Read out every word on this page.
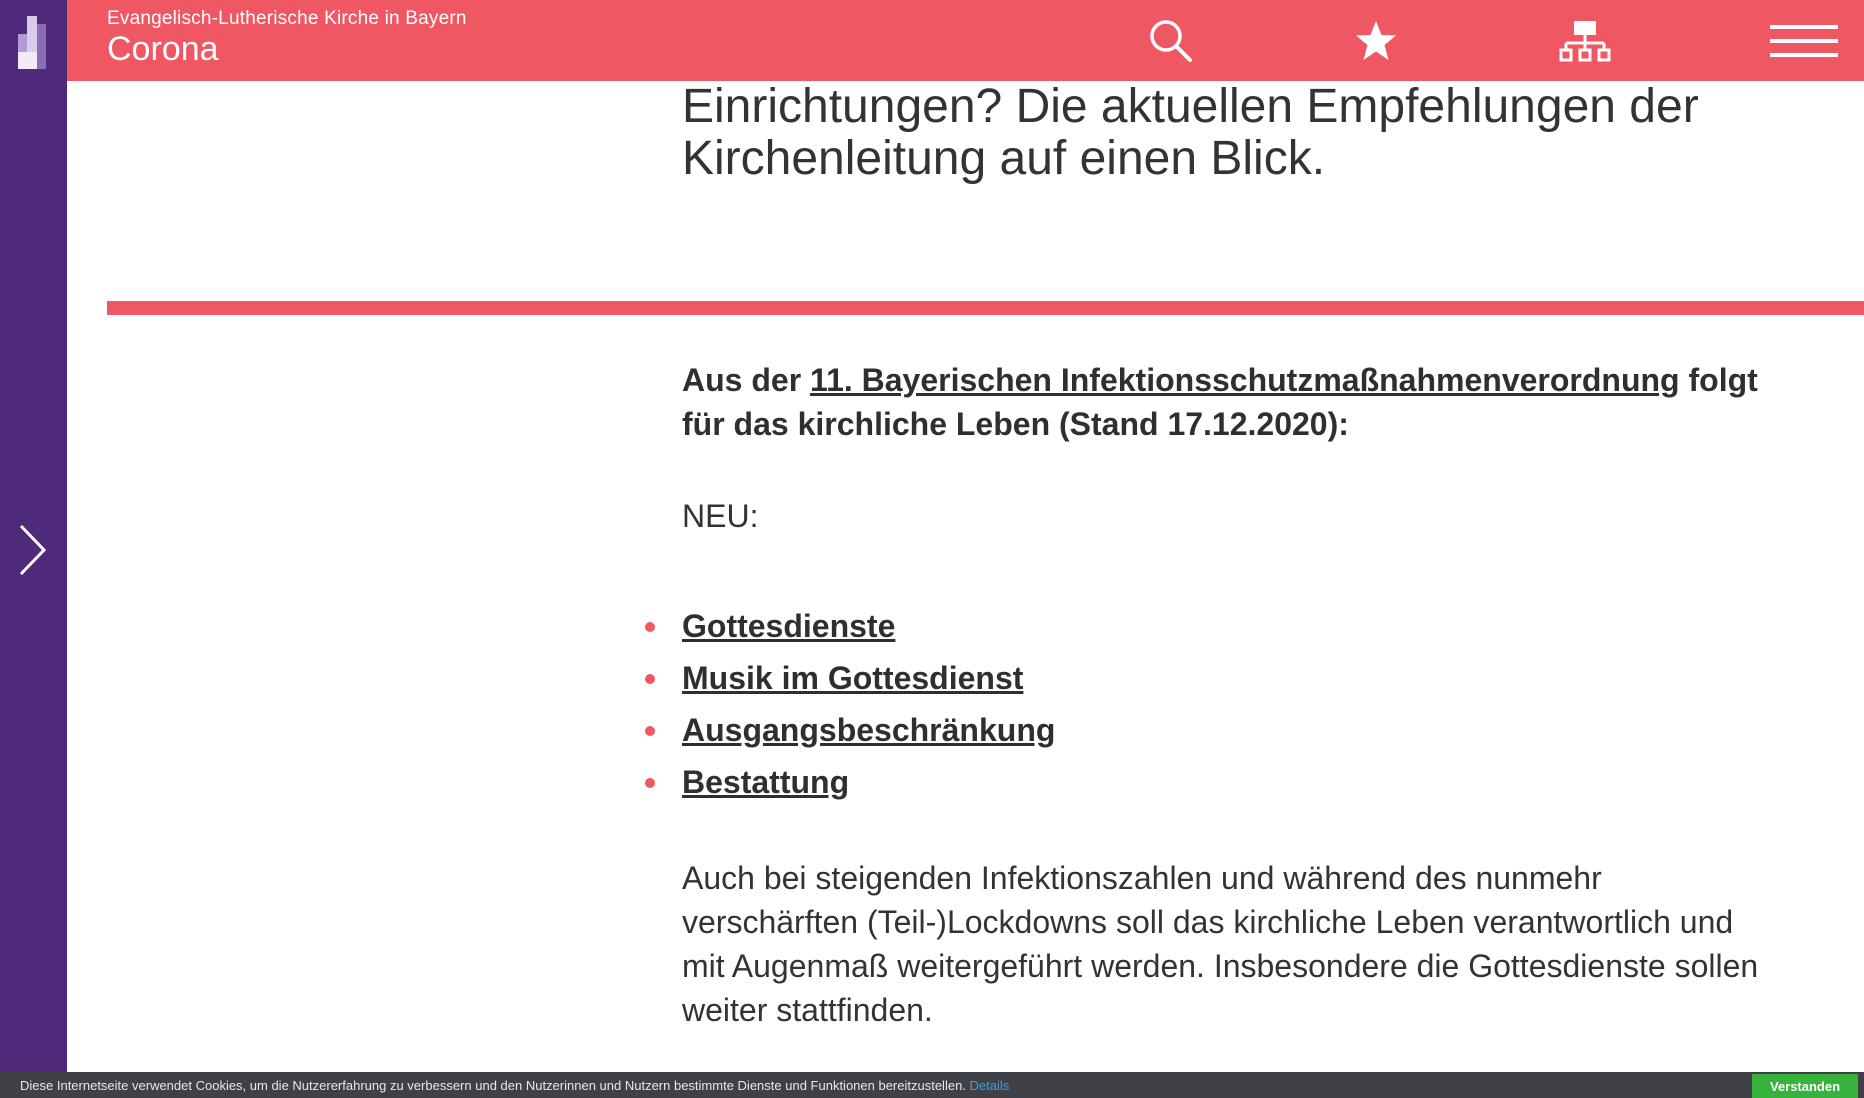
Evangelisch-Lutherische Kirche in Bayern
Corona
Einrichtungen? Die aktuellen Empfehlungen der
Kirchenleitung auf einen Blick.

Aus der 11. Bayerischen Infektionsschutzmaßnahmenverordnung folgt für das kirchliche Leben (Stand 17.12.2020):

NEU:
Gottesdienste
Musik im Gottesdienst
Ausgangsbeschränkung
Bestattung

Auch bei steigenden Infektionszahlen und während des nunmehr verschärften (Teil-)Lockdowns soll das kirchliche Leben verantwortlich und mit Augenmaß weitergeführt werden. Insbesondere die Gottesdienste sollen weiter stattfinden.

Diese Internetseite verwendet Cookies, um die Nutzererfahrung zu verbessern und den Nutzerinnen und Nutzern bestimmte Dienste und Funktionen bereitzustellen. Details	Verstanden
